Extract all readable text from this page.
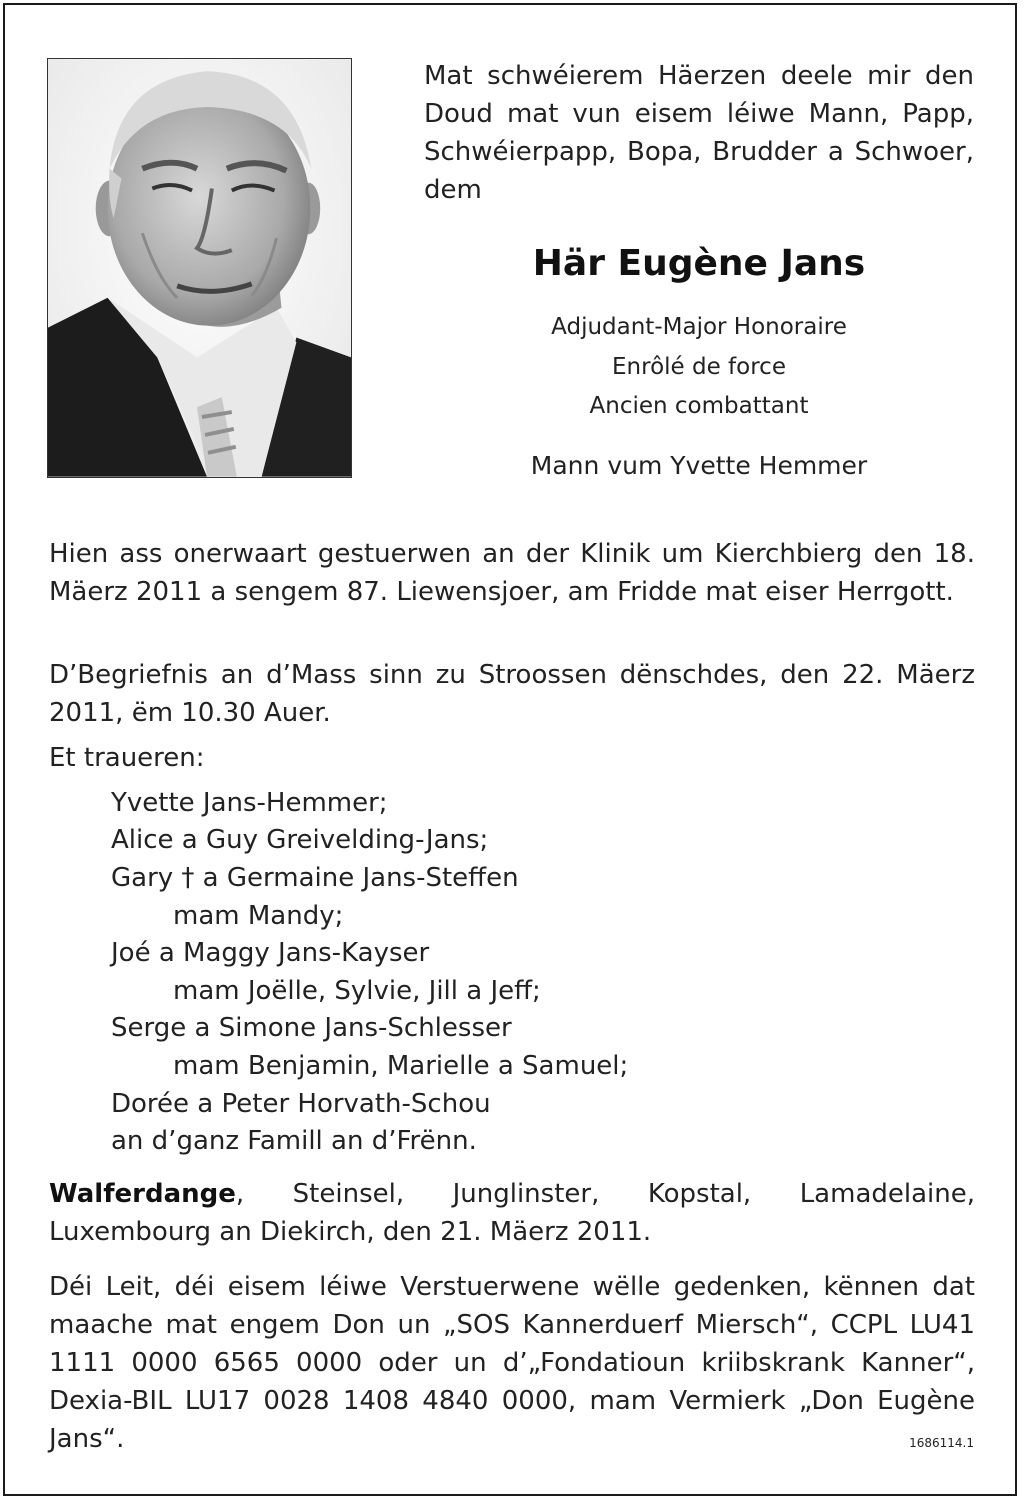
Mat schwéierem Häerzen deele mir den Doud mat vun eisem léiwe Mann, Papp, Schwéierpapp, Bopa, Brudder a Schwoer, dem

Här Eugène Jans

Adjudant-Major Honoraire

Enrôlé de force

Ancien combattant

Mann vum Yvette Hemmer

Hien ass onerwaart gestuerwen an der Klinik um Kierchbierg den 18. Mäerz 2011 a sengem 87. Liewensjoer, am Fridde mat eiser Herrgott.

D’Begriefnis an d’Mass sinn zu Stroossen dënschdes, den 22. Mäerz 2011, ëm 10.30 Auer.

Et traueren:

Yvette Jans-Hemmer;

Alice a Guy Greivelding-Jans;

Gary † a Germaine Jans-Steffen

mam Mandy;

Joé a Maggy Jans-Kayser

mam Joëlle, Sylvie, Jill a Jeff;

Serge a Simone Jans-Schlesser

mam Benjamin, Marielle a Samuel;

Dorée a Peter Horvath-Schou

an d’ganz Famill an d’Frënn.

Walferdange, Steinsel, Junglinster, Kopstal, Lamadelaine, Luxembourg an Diekirch, den 21. Mäerz 2011.

Déi Leit, déi eisem léiwe Verstuerwene wëlle gedenken, kënnen dat maache mat engem Don un „SOS Kannerduerf Miersch“, CCPL LU41 1111 0000 6565 0000 oder un d’„Fondatioun kriibskrank Kanner“, Dexia-BIL LU17 0028 1408 4840 0000, mam Vermierk „Don Eugène Jans“.	1686114.1
